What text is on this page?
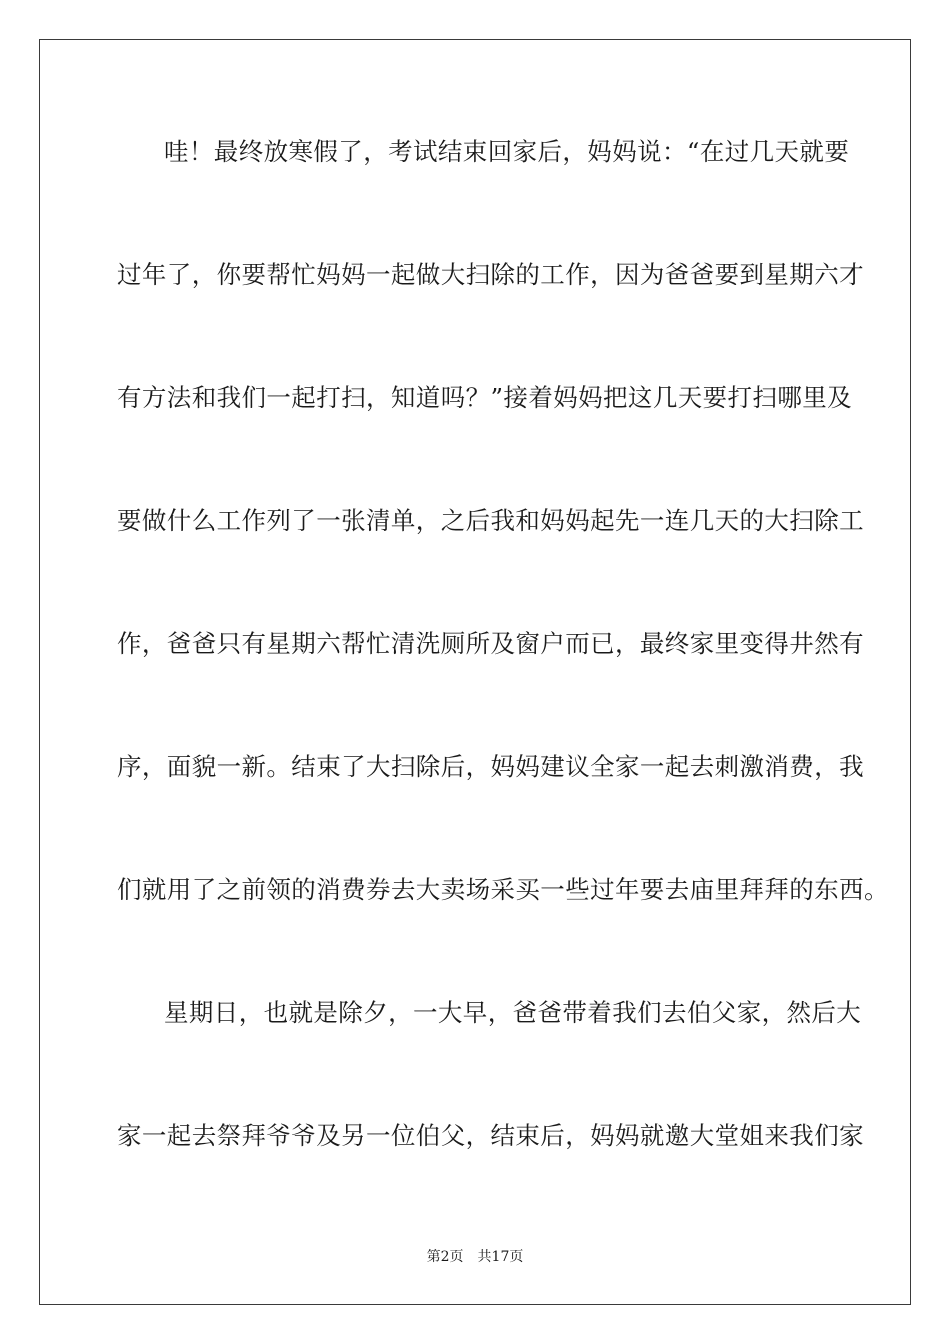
哇！最终放寒假了，考试结束回家后，妈妈说：“在过几天就要
过年了，你要帮忙妈妈一起做大扫除的工作，因为爸爸要到星期六才
有方法和我们一起打扫，知道吗？”接着妈妈把这几天要打扫哪里及
要做什么工作列了一张清单，之后我和妈妈起先一连几天的大扫除工
作，爸爸只有星期六帮忙清洗厕所及窗户而已，最终家里变得井然有
序，面貌一新。结束了大扫除后，妈妈建议全家一起去刺激消费，我
们就用了之前领的消费券去大卖场采买一些过年要去庙里拜拜的东西。
星期日，也就是除夕，一大早，爸爸带着我们去伯父家，然后大
家一起去祭拜爷爷及另一位伯父，结束后，妈妈就邀大堂姐来我们家
第2页 共17页
